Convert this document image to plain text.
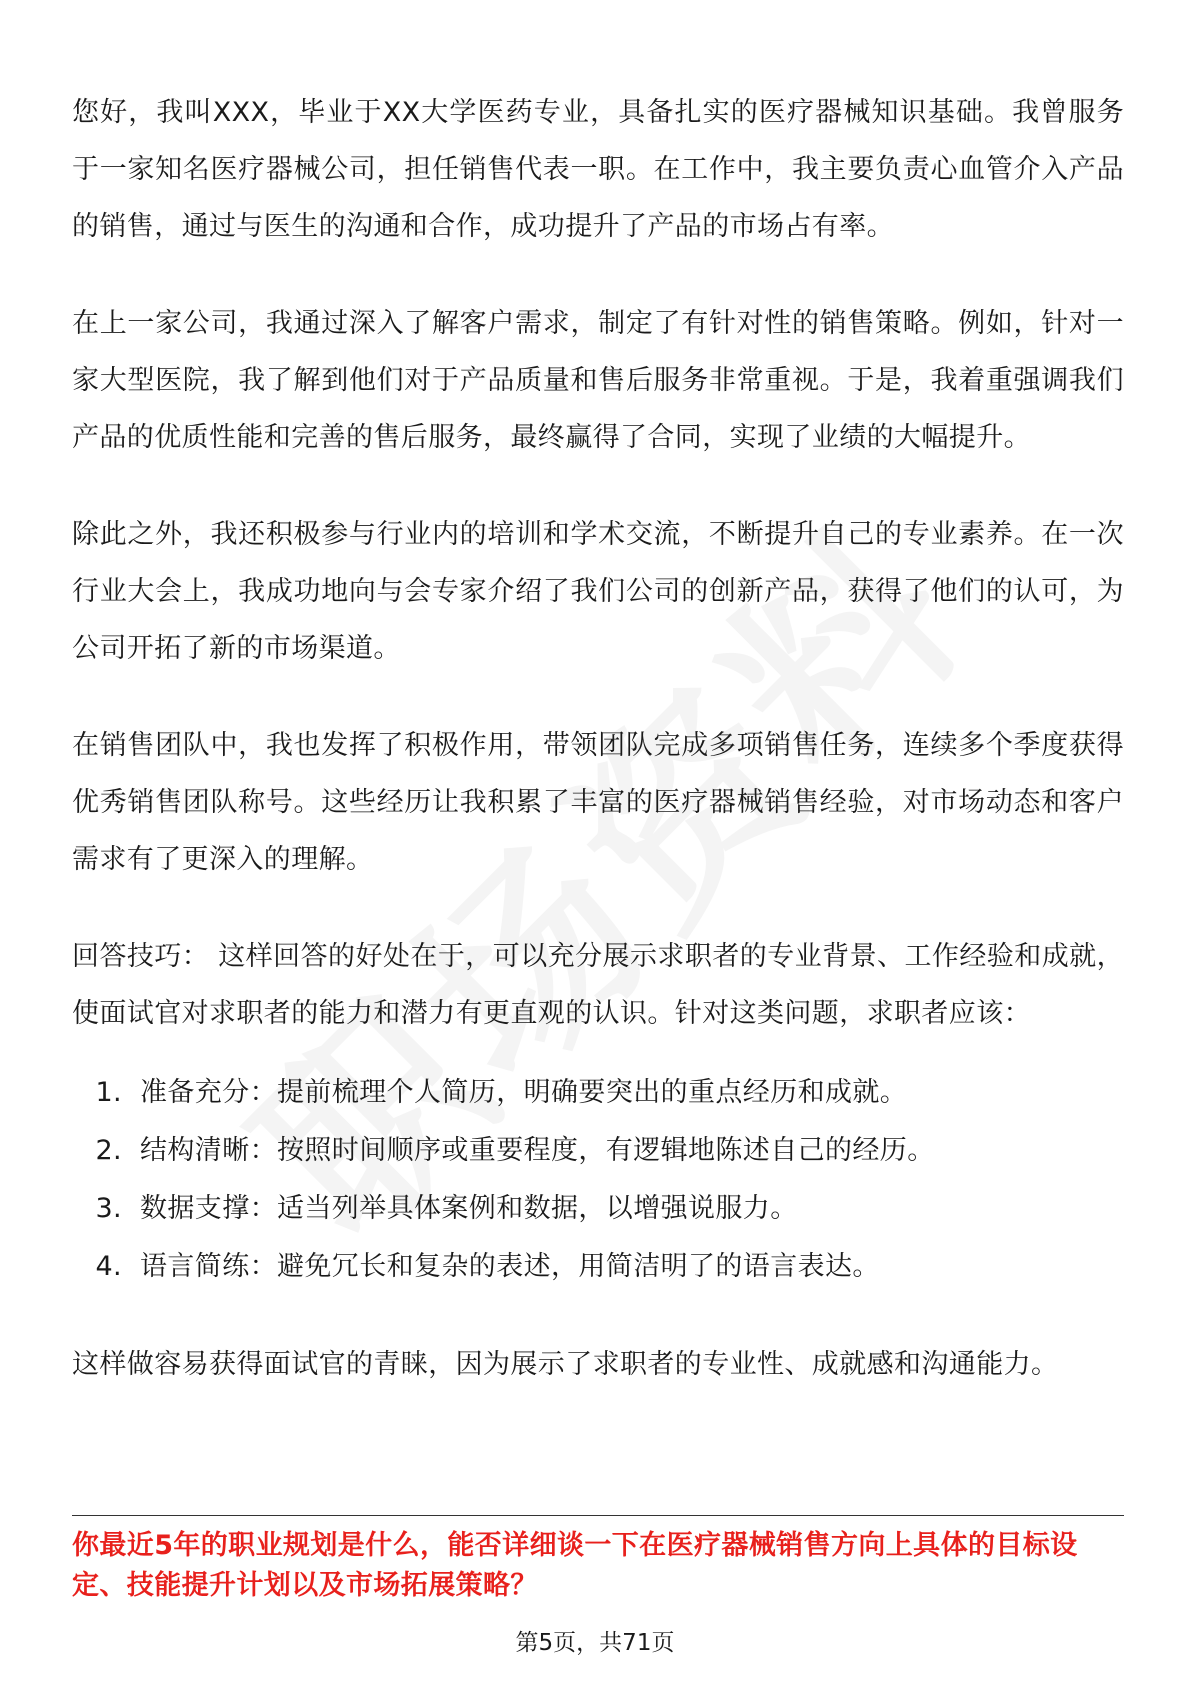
您好，我叫XXX，毕业于XX大学医药专业，具备扎实的医疗器械知识基础。我曾服务于一家知名医疗器械公司，担任销售代表一职。在工作中，我主要负责心血管介入产品的销售，通过与医生的沟通和合作，成功提升了产品的市场占有率。

在上一家公司，我通过深入了解客户需求，制定了有针对性的销售策略。例如，针对一家大型医院，我了解到他们对于产品质量和售后服务非常重视。于是，我着重强调我们产品的优质性能和完善的售后服务，最终赢得了合同，实现了业绩的大幅提升。

除此之外，我还积极参与行业内的培训和学术交流，不断提升自己的专业素养。在一次行业大会上，我成功地向与会专家介绍了我们公司的创新产品，获得了他们的认可，为公司开拓了新的市场渠道。

在销售团队中，我也发挥了积极作用，带领团队完成多项销售任务，连续多个季度获得优秀销售团队称号。这些经历让我积累了丰富的医疗器械销售经验，对市场动态和客户需求有了更深入的理解。

回答技巧： 这样回答的好处在于，可以充分展示求职者的专业背景、工作经验和成就，使面试官对求职者的能力和潜力有更直观的认识。针对这类问题，求职者应该：

1. 准备充分：提前梳理个人简历，明确要突出的重点经历和成就。
2. 结构清晰：按照时间顺序或重要程度，有逻辑地陈述自己的经历。
3. 数据支撑：适当列举具体案例和数据，以增强说服力。
4. 语言简练：避免冗长和复杂的表述，用简洁明了的语言表达。

这样做容易获得面试官的青睐，因为展示了求职者的专业性、成就感和沟通能力。

你最近5年的职业规划是什么，能否详细谈一下在医疗器械销售方向上具体的目标设定、技能提升计划以及市场拓展策略？
第5页，共71页
